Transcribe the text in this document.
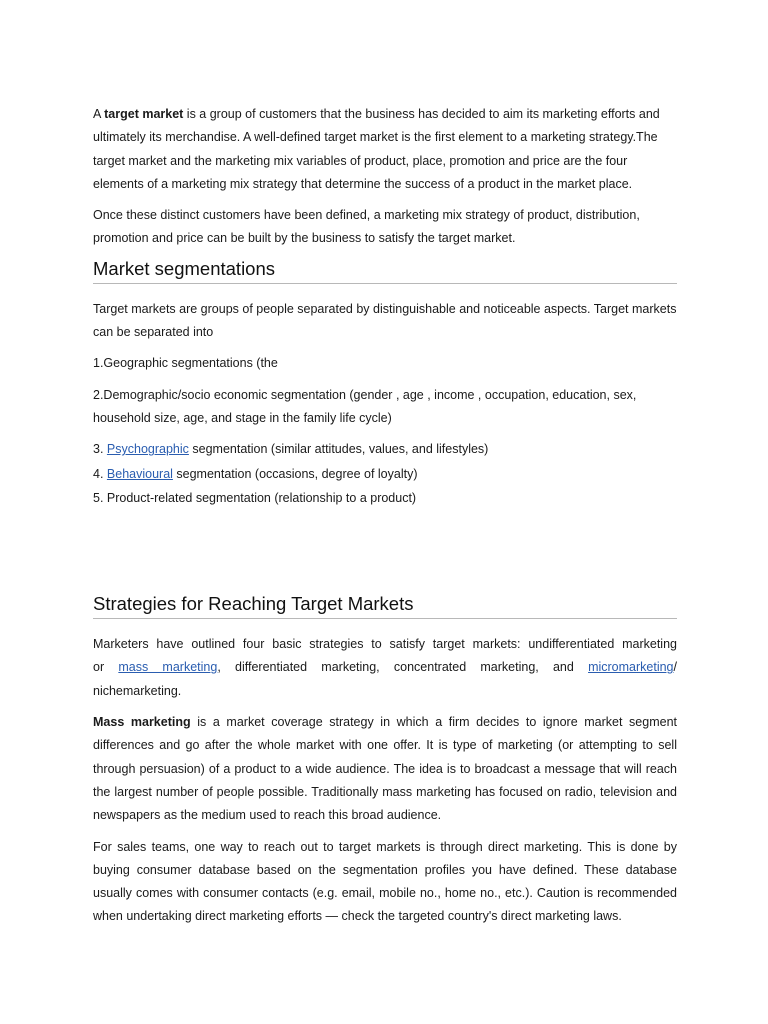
A target market is a group of customers that the business has decided to aim its marketing efforts and ultimately its merchandise. A well-defined target market is the first element to a marketing strategy.The target market and the marketing mix variables of product, place, promotion and price are the four elements of a marketing mix strategy that determine the success of a product in the market place.

Once these distinct customers have been defined, a marketing mix strategy of product, distribution, promotion and price can be built by the business to satisfy the target market.

Market segmentations

Target markets are groups of people separated by distinguishable and noticeable aspects. Target markets can be separated into

1.Geographic segmentations (the

2.Demographic/socio economic segmentation (gender , age , income , occupation, education, sex, household size, age, and stage in the family life cycle)

3. Psychographic segmentation (similar attitudes, values, and lifestyles)

4. Behavioural segmentation (occasions, degree of loyalty)

5. Product-related segmentation (relationship to a product)

Strategies for Reaching Target Markets

Marketers have outlined four basic strategies to satisfy target markets: undifferentiated marketing

or mass marketing, differentiated marketing, concentrated marketing, and micromarketing/

nichemarketing.

Mass marketing is a market coverage strategy in which a firm decides to ignore market segment differences and go after the whole market with one offer. It is type of marketing (or attempting to sell through persuasion) of a product to a wide audience. The idea is to broadcast a message that will reach the largest number of people possible. Traditionally mass marketing has focused on radio, television and newspapers as the medium used to reach this broad audience.

For sales teams, one way to reach out to target markets is through direct marketing. This is done by buying consumer database based on the segmentation profiles you have defined. These database usually comes with consumer contacts (e.g. email, mobile no., home no., etc.). Caution is recommended when undertaking direct marketing efforts — check the targeted country's direct marketing laws.
